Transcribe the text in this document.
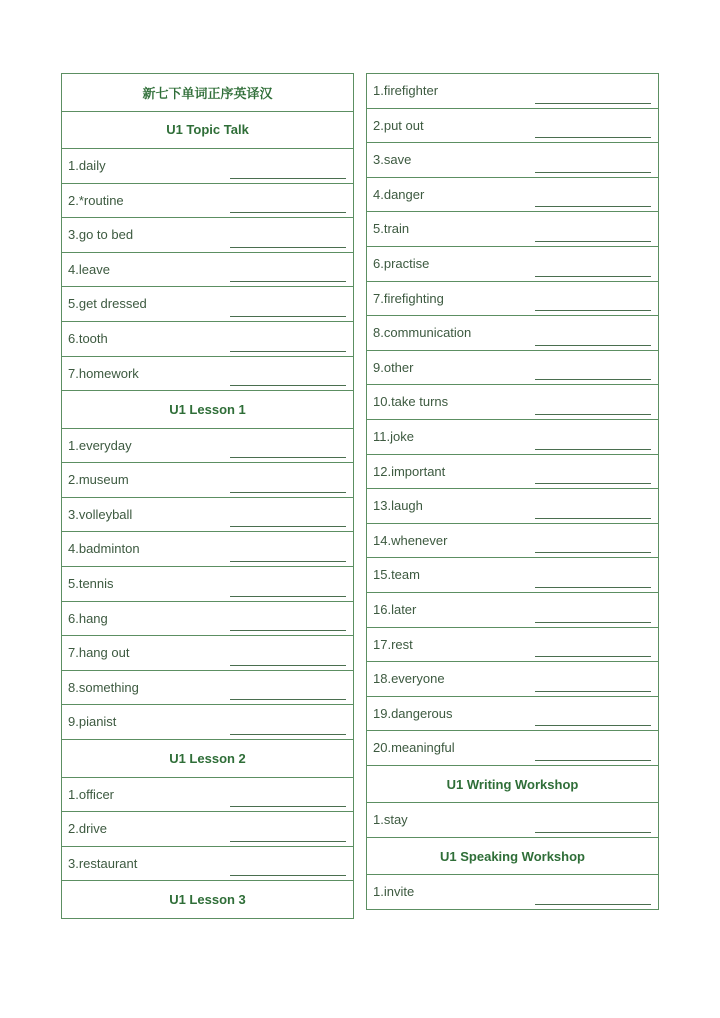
新七下单词正序英译汉
U1 Topic Talk
1.daily
2.*routine
3.go to bed
4.leave
5.get dressed
6.tooth
7.homework
U1 Lesson 1
1.everyday
2.museum
3.volleyball
4.badminton
5.tennis
6.hang
7.hang out
8.something
9.pianist
U1 Lesson 2
1.officer
2.drive
3.restaurant
U1 Lesson 3
1.firefighter
2.put out
3.save
4.danger
5.train
6.practise
7.firefighting
8.communication
9.other
10.take turns
11.joke
12.important
13.laugh
14.whenever
15.team
16.later
17.rest
18.everyone
19.dangerous
20.meaningful
U1 Writing Workshop
1.stay
U1 Speaking Workshop
1.invite
